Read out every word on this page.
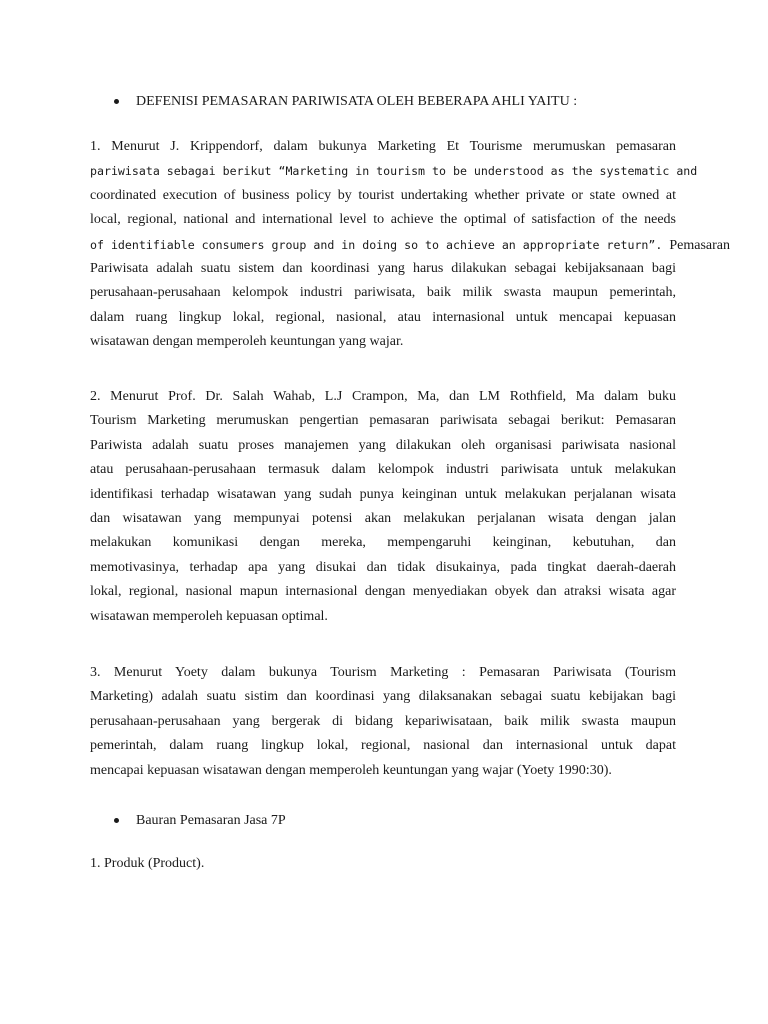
DEFENISI PEMASARAN PARIWISATA OLEH BEBERAPA AHLI YAITU :
1. Menurut J. Krippendorf, dalam bukunya Marketing Et Tourisme merumuskan pemasaran
pariwisata sebagai berikut “Marketing in tourism to be understood as the systematic and
coordinated execution of business policy by tourist undertaking whether private or state owned at
local, regional, national and international level to achieve the optimal of satisfaction of the needs
of identifiable consumers group and in doing so to achieve an appropriate return”. Pemasaran
Pariwisata adalah suatu sistem dan koordinasi yang harus dilakukan sebagai kebijaksanaan bagi
perusahaan-perusahaan kelompok industri pariwisata, baik milik swasta maupun pemerintah,
dalam ruang lingkup lokal, regional, nasional, atau internasional untuk mencapai kepuasan
wisatawan dengan memperoleh keuntungan yang wajar.
2. Menurut Prof. Dr. Salah Wahab, L.J Crampon, Ma, dan LM Rothfield, Ma dalam buku
Tourism Marketing merumuskan pengertian pemasaran pariwisata sebagai berikut: Pemasaran
Pariwista adalah suatu proses manajemen yang dilakukan oleh organisasi pariwisata nasional
atau perusahaan-perusahaan termasuk dalam kelompok industri pariwisata untuk melakukan
identifikasi terhadap wisatawan yang sudah punya keinginan untuk melakukan perjalanan wisata
dan wisatawan yang mempunyai potensi akan melakukan perjalanan wisata dengan jalan
melakukan komunikasi dengan mereka, mempengaruhi keinginan, kebutuhan, dan
memotivasinya, terhadap apa yang disukai dan tidak disukainya, pada tingkat daerah-daerah
lokal, regional, nasional mapun internasional dengan menyediakan obyek dan atraksi wisata agar
wisatawan memperoleh kepuasan optimal.
3. Menurut Yoety dalam bukunya Tourism Marketing : Pemasaran Pariwisata (Tourism
Marketing) adalah suatu sistim dan koordinasi yang dilaksanakan sebagai suatu kebijakan bagi
perusahaan-perusahaan yang bergerak di bidang kepariwisataan, baik milik swasta maupun
pemerintah, dalam ruang lingkup lokal, regional, nasional dan internasional untuk dapat
mencapai kepuasan wisatawan dengan memperoleh keuntungan yang wajar (Yoety 1990:30).
Bauran Pemasaran Jasa 7P
1. Produk (Product).
